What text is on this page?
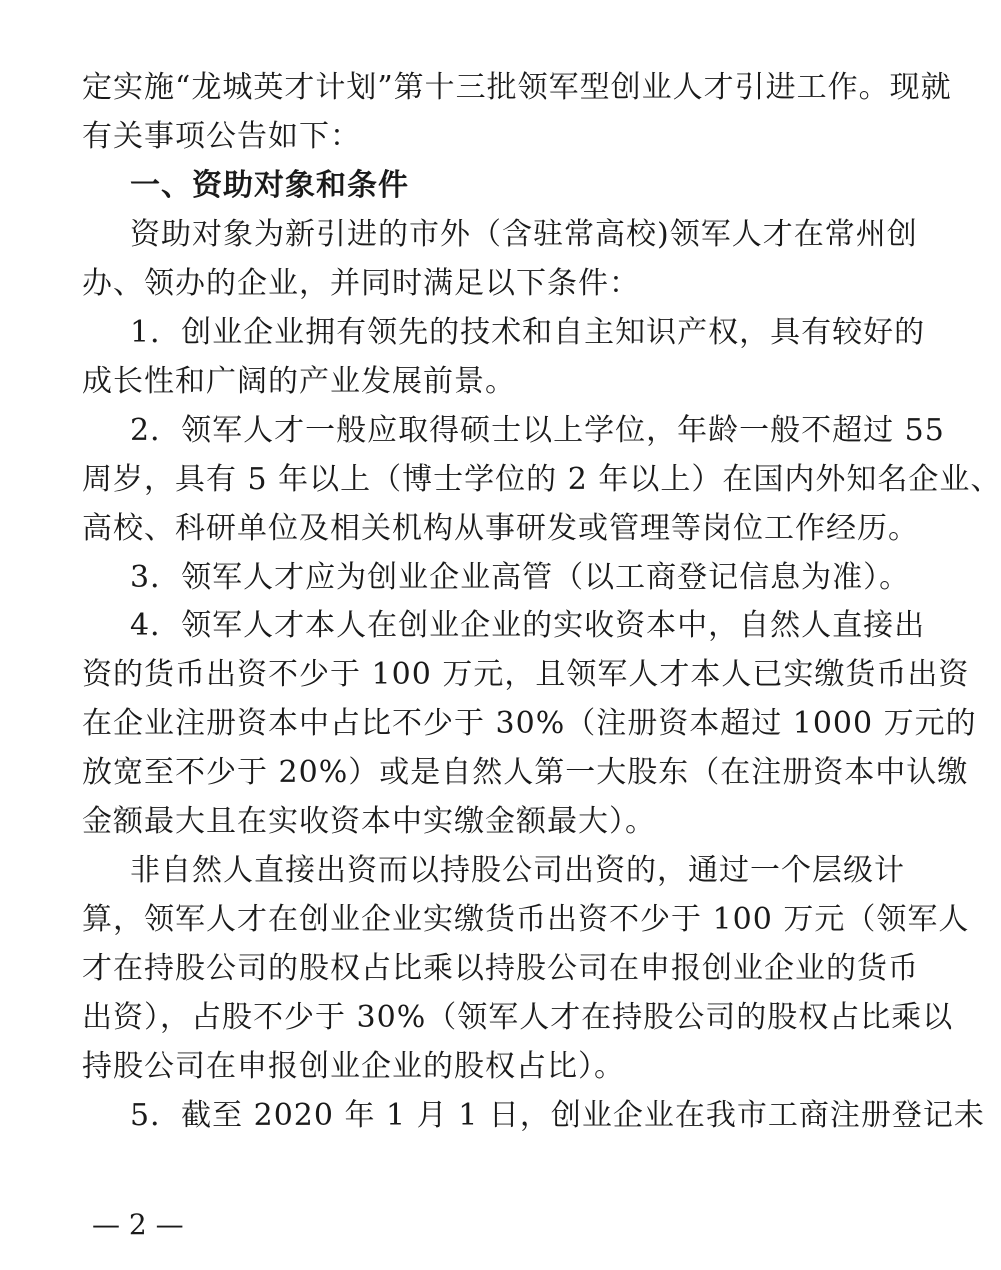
定实施“龙城英才计划”第十三批领军型创业人才引进工作。现就
有关事项公告如下：
一、资助对象和条件
资助对象为新引进的市外（含驻常高校)领军人才在常州创
办、领办的企业，并同时满足以下条件：
1．创业企业拥有领先的技术和自主知识产权，具有较好的
成长性和广阔的产业发展前景。
2．领军人才一般应取得硕士以上学位，年龄一般不超过 55
周岁，具有 5 年以上（博士学位的 2 年以上）在国内外知名企业、
高校、科研单位及相关机构从事研发或管理等岗位工作经历。
3．领军人才应为创业企业高管（以工商登记信息为准）。
4．领军人才本人在创业企业的实收资本中，自然人直接出
资的货币出资不少于 100 万元，且领军人才本人已实缴货币出资
在企业注册资本中占比不少于 30%（注册资本超过 1000 万元的
放宽至不少于 20%）或是自然人第一大股东（在注册资本中认缴
金额最大且在实收资本中实缴金额最大）。
非自然人直接出资而以持股公司出资的，通过一个层级计
算，领军人才在创业企业实缴货币出资不少于 100 万元（领军人
才在持股公司的股权占比乘以持股公司在申报创业企业的货币
出资），占股不少于 30%（领军人才在持股公司的股权占比乘以
持股公司在申报创业企业的股权占比）。
5．截至 2020 年 1 月 1 日，创业企业在我市工商注册登记未
— 2 —
